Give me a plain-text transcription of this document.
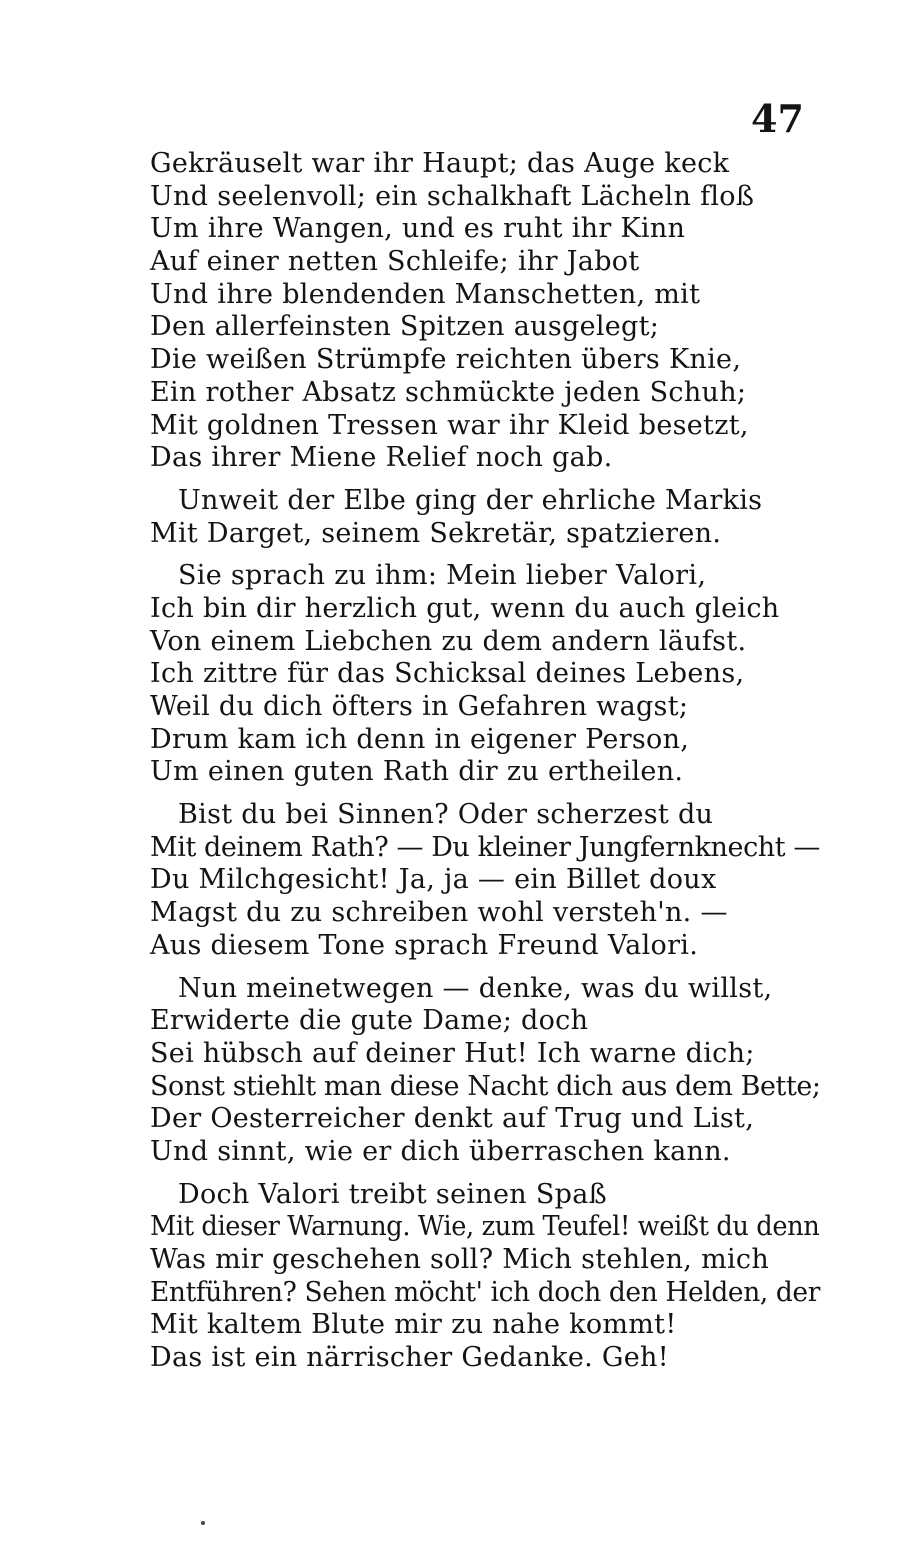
47
Gekräuselt war ihr Haupt; das Auge keck
Und seelenvoll; ein schalkhaft Lächeln floß
Um ihre Wangen, und es ruht ihr Kinn
Auf einer netten Schleife; ihr Jabot
Und ihre blendenden Manschetten, mit
Den allerfeinsten Spitzen ausgelegt;
Die weißen Strümpfe reichten übers Knie,
Ein rother Absatz schmückte jeden Schuh;
Mit goldnen Tressen war ihr Kleid besetzt,
Das ihrer Miene Relief noch gab.
Unweit der Elbe ging der ehrliche Markis
Mit Darget, seinem Sekretär, spatzieren.
Sie sprach zu ihm: Mein lieber Valori,
Ich bin dir herzlich gut, wenn du auch gleich
Von einem Liebchen zu dem andern läufst.
Ich zittre für das Schicksal deines Lebens,
Weil du dich öfters in Gefahren wagst;
Drum kam ich denn in eigener Person,
Um einen guten Rath dir zu ertheilen.
Bist du bei Sinnen? Oder scherzest du
Mit deinem Rath? — Du kleiner Jungfernknecht —
Du Milchgesicht! Ja, ja — ein Billet doux
Magst du zu schreiben wohl versteh'n. —
Aus diesem Tone sprach Freund Valori.
Nun meinetwegen — denke, was du willst,
Erwiderte die gute Dame; doch
Sei hübsch auf deiner Hut! Ich warne dich;
Sonst stiehlt man diese Nacht dich aus dem Bette;
Der Oesterreicher denkt auf Trug und List,
Und sinnt, wie er dich überraschen kann.
Doch Valori treibt seinen Spaß
Mit dieser Warnung. Wie, zum Teufel! weißt du denn
Was mir geschehen soll? Mich stehlen, mich
Entführen? Sehen möcht' ich doch den Helden, der
Mit kaltem Blute mir zu nahe kommt!
Das ist ein närrischer Gedanke. Geh!
